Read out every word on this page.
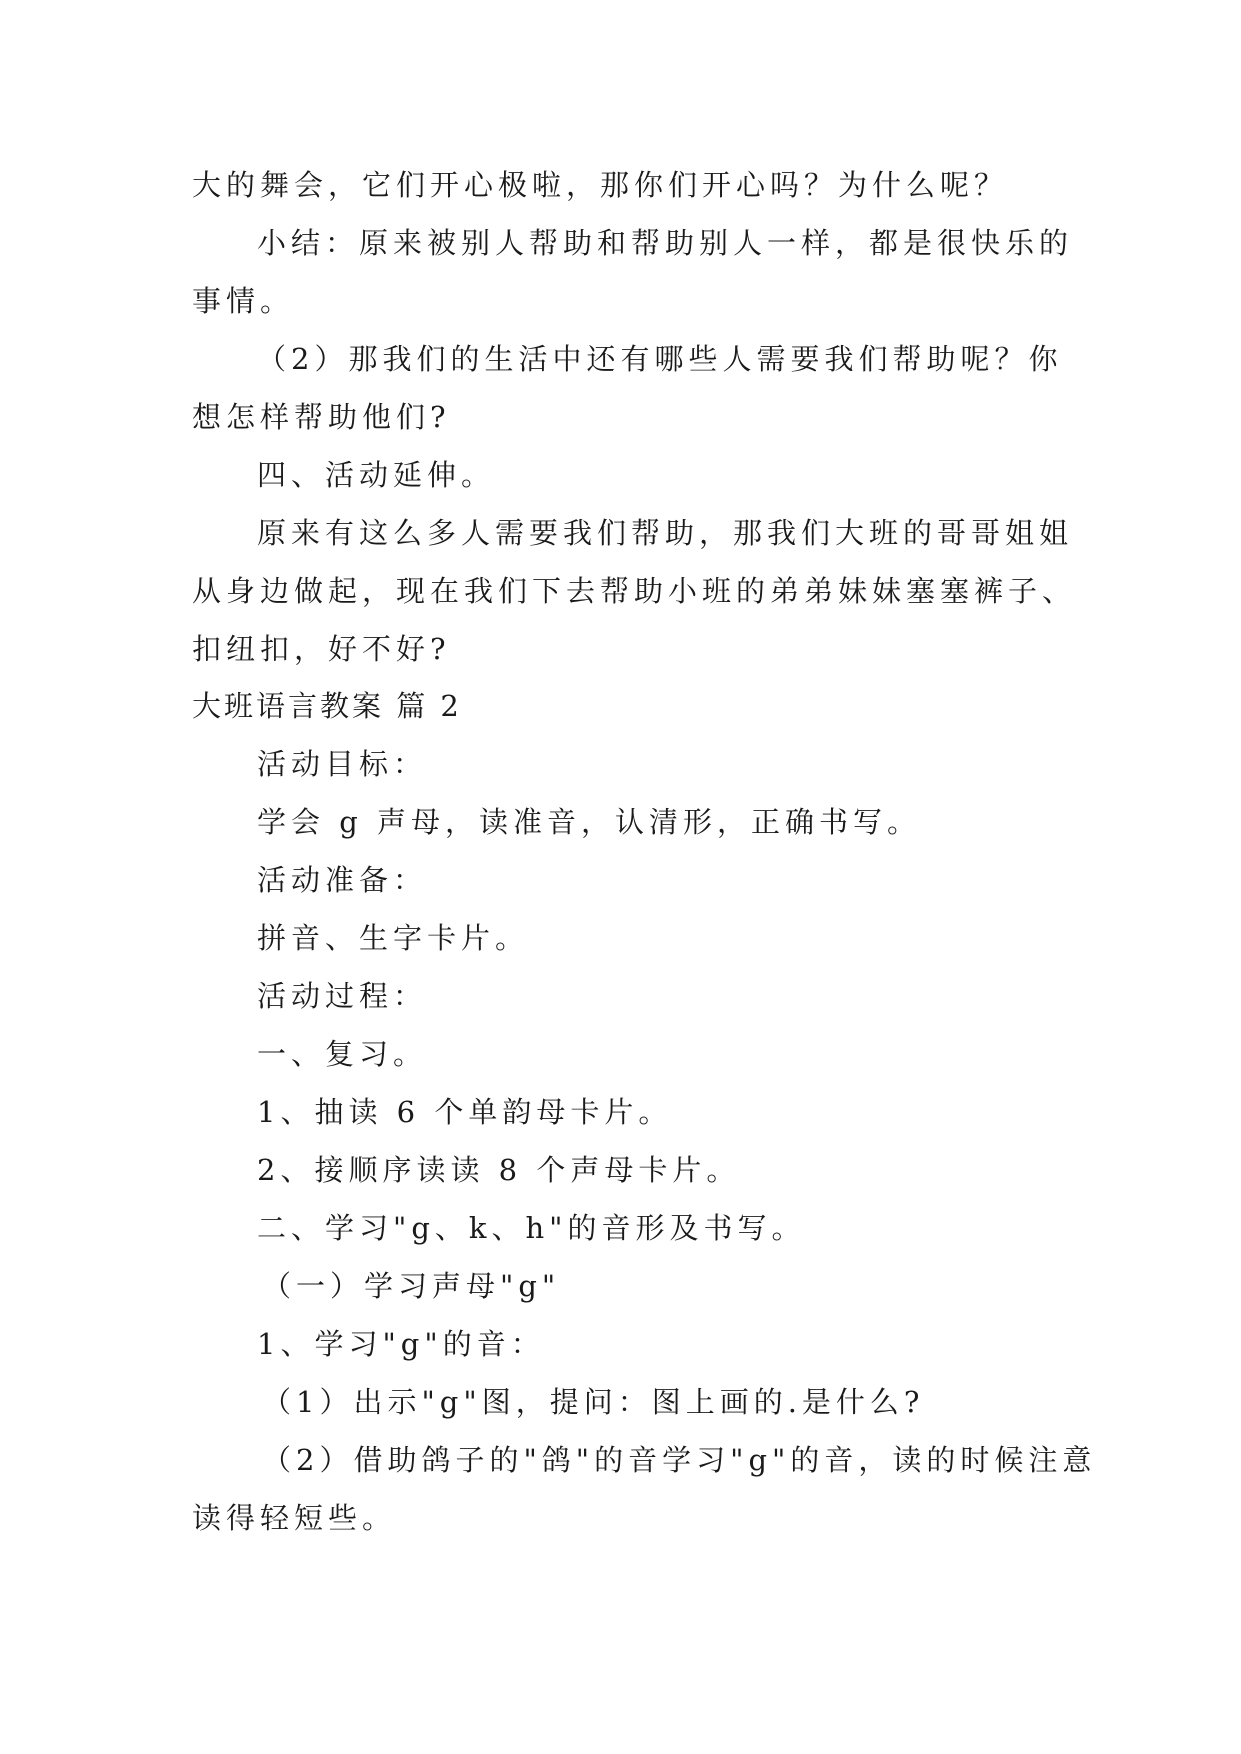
大的舞会，它们开心极啦，那你们开心吗？为什么呢？
小结：原来被别人帮助和帮助别人一样，都是很快乐的
事情。
（2）那我们的生活中还有哪些人需要我们帮助呢？你
想怎样帮助他们?
四、活动延伸。
原来有这么多人需要我们帮助，那我们大班的哥哥姐姐
从身边做起，现在我们下去帮助小班的弟弟妹妹塞塞裤子、
扣纽扣，好不好?
大班语言教案 篇 2
活动目标：
学会 g 声母，读准音，认清形，正确书写。
活动准备：
拼音、生字卡片。
活动过程：
一、复习。
1、抽读 6 个单韵母卡片。
2、接顺序读读 8 个声母卡片。
二、学习"g、k、h"的音形及书写。
（一）学习声母"g"
1、学习"g"的音：
（1）出示"g"图，提问：图上画的.是什么?
（2）借助鸽子的"鸽"的音学习"g"的音，读的时候注意
读得轻短些。
